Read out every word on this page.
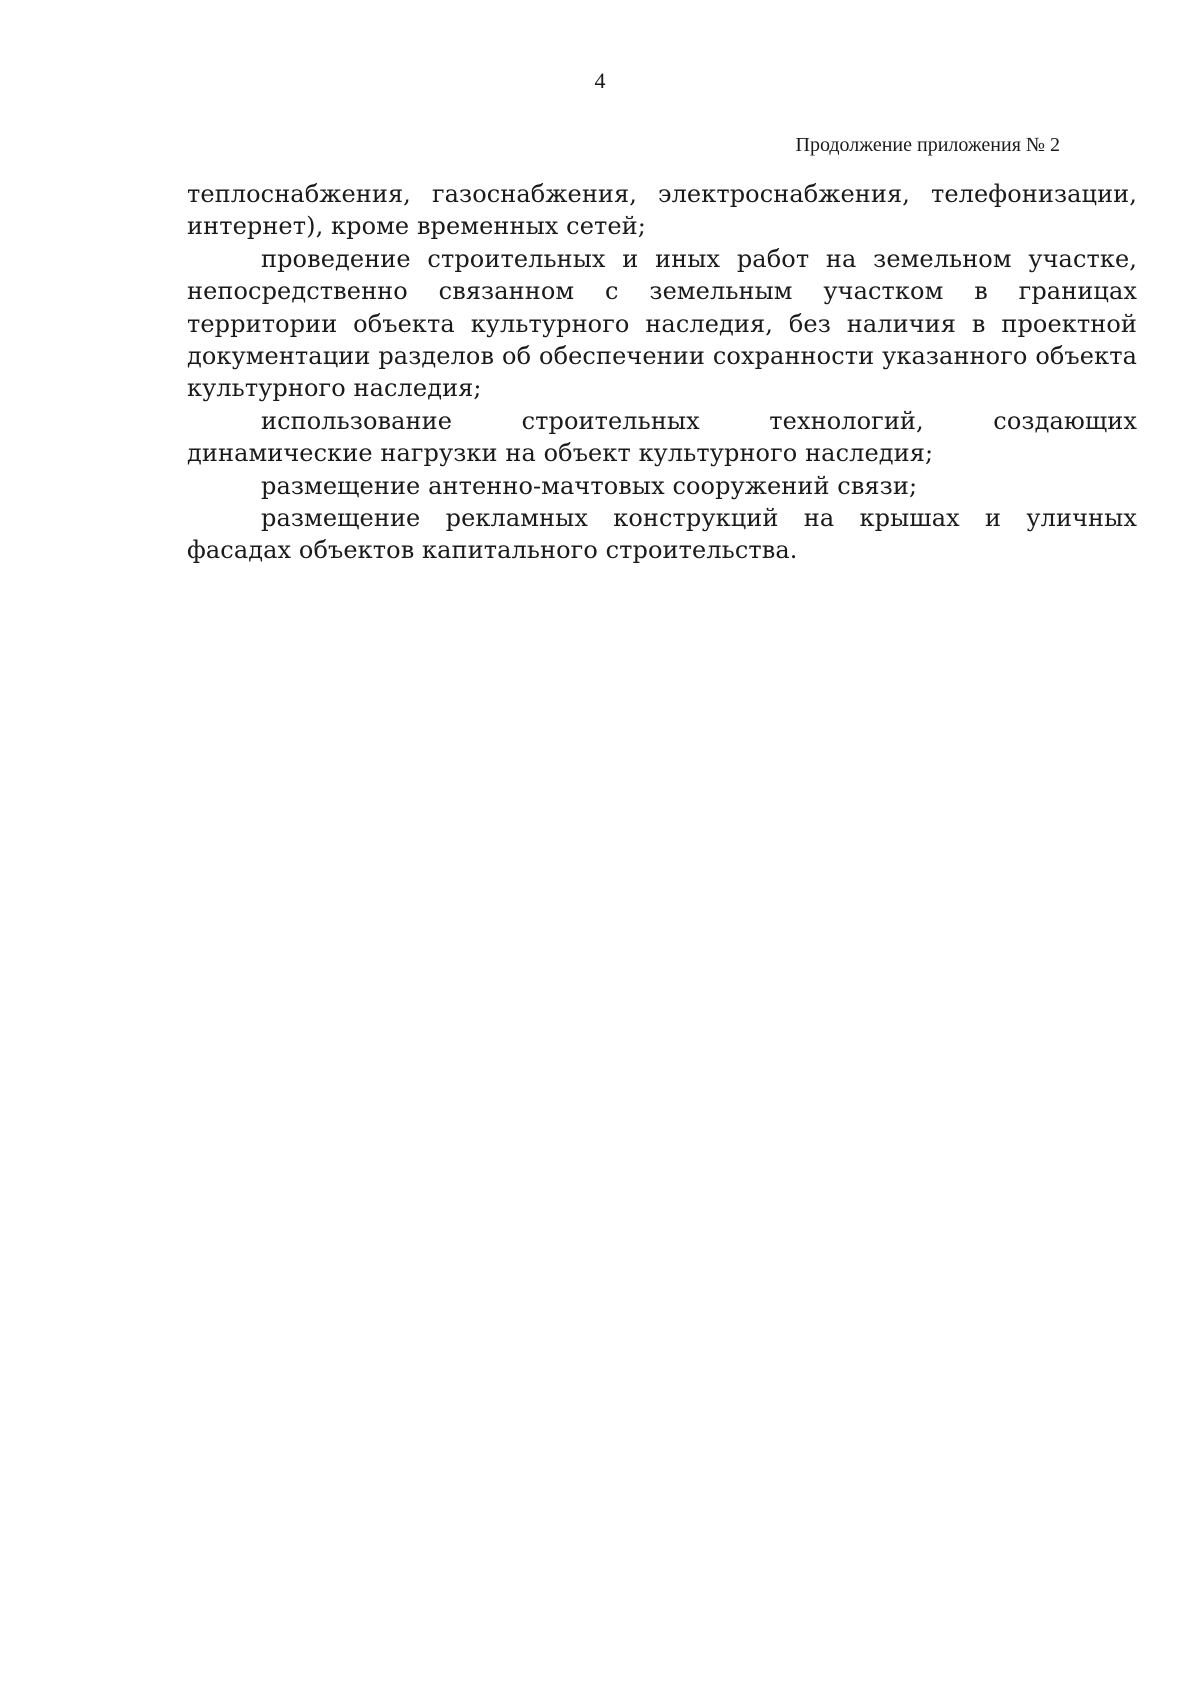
4
Продолжение приложения № 2

теплоснабжения, газоснабжения, электроснабжения, телефонизации, интернет), кроме временных сетей;

проведение строительных и иных работ на земельном участке, непосредственно связанном с земельным участком в границах территории объекта культурного наследия, без наличия в проектной документации разделов об обеспечении сохранности указанного объекта культурного наследия;

использование строительных технологий, создающих динамические нагрузки на объект культурного наследия;

размещение антенно-мачтовых сооружений связи;

размещение рекламных конструкций на крышах и уличных фасадах объектов капитального строительства.
